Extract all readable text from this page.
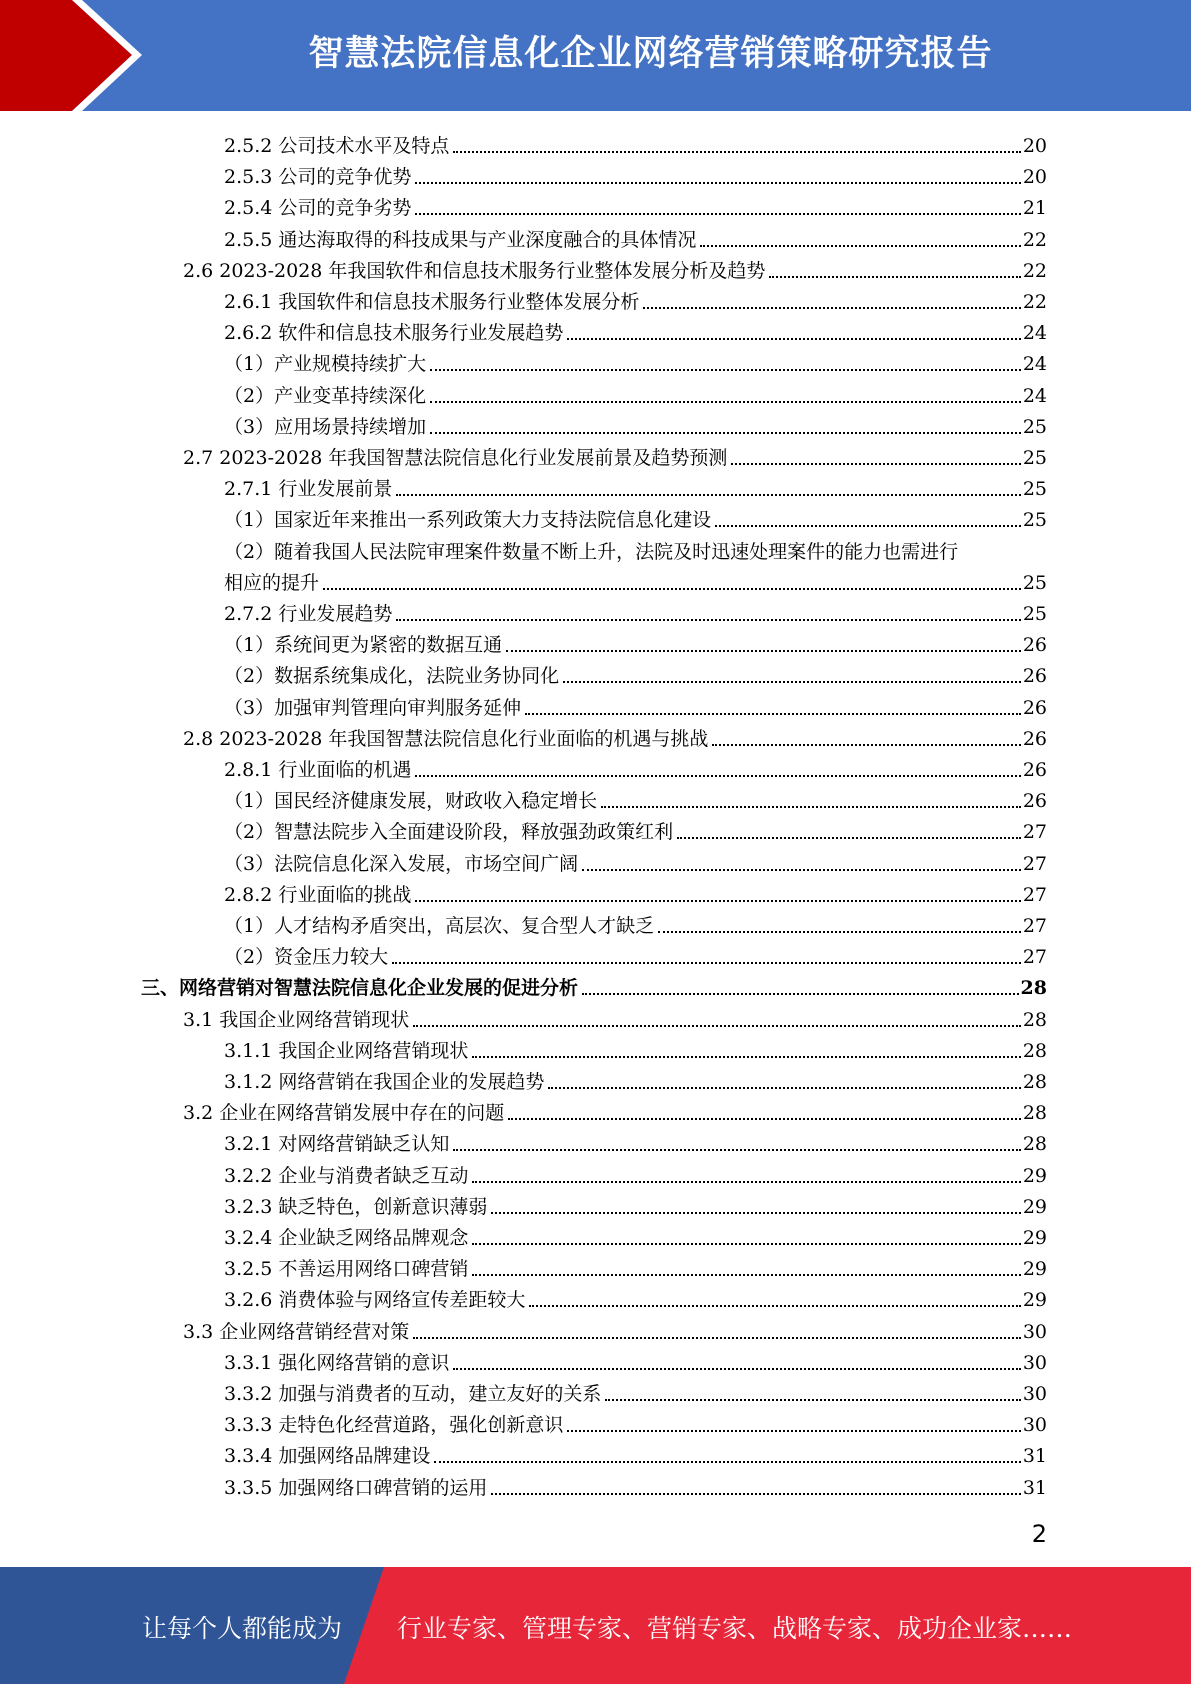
智慧法院信息化企业网络营销策略研究报告
2.5.2 公司技术水平及特点	20
2.5.3 公司的竞争优势	20
2.5.4 公司的竞争劣势	21
2.5.5 通达海取得的科技成果与产业深度融合的具体情况	22
2.6 2023-2028 年我国软件和信息技术服务行业整体发展分析及趋势	22
2.6.1 我国软件和信息技术服务行业整体发展分析	22
2.6.2 软件和信息技术服务行业发展趋势	24
（1）产业规模持续扩大	24
（2）产业变革持续深化	24
（3）应用场景持续增加	25
2.7 2023-2028 年我国智慧法院信息化行业发展前景及趋势预测	25
2.7.1 行业发展前景	25
（1）国家近年来推出一系列政策大力支持法院信息化建设	25
（2）随着我国人民法院审理案件数量不断上升，法院及时迅速处理案件的能力也需进行
相应的提升	25
2.7.2 行业发展趋势	25
（1）系统间更为紧密的数据互通	26
（2）数据系统集成化，法院业务协同化	26
（3）加强审判管理向审判服务延伸	26
2.8 2023-2028 年我国智慧法院信息化行业面临的机遇与挑战	26
2.8.1 行业面临的机遇	26
（1）国民经济健康发展，财政收入稳定增长	26
（2）智慧法院步入全面建设阶段，释放强劲政策红利	27
（3）法院信息化深入发展，市场空间广阔	27
2.8.2 行业面临的挑战	27
（1）人才结构矛盾突出，高层次、复合型人才缺乏	27
（2）资金压力较大	27
三、网络营销对智慧法院信息化企业发展的促进分析	28
3.1 我国企业网络营销现状	28
3.1.1 我国企业网络营销现状	28
3.1.2 网络营销在我国企业的发展趋势	28
3.2 企业在网络营销发展中存在的问题	28
3.2.1 对网络营销缺乏认知	28
3.2.2 企业与消费者缺乏互动	29
3.2.3 缺乏特色，创新意识薄弱	29
3.2.4 企业缺乏网络品牌观念	29
3.2.5 不善运用网络口碑营销	29
3.2.6 消费体验与网络宣传差距较大	29
3.3 企业网络营销经营对策	30
3.3.1 强化网络营销的意识	30
3.3.2 加强与消费者的互动，建立友好的关系	30
3.3.3 走特色化经营道路，强化创新意识	30
3.3.4 加强网络品牌建设	31
3.3.5 加强网络口碑营销的运用	31
2
让每个人都能成为 行业专家、管理专家、营销专家、战略专家、成功企业家……
